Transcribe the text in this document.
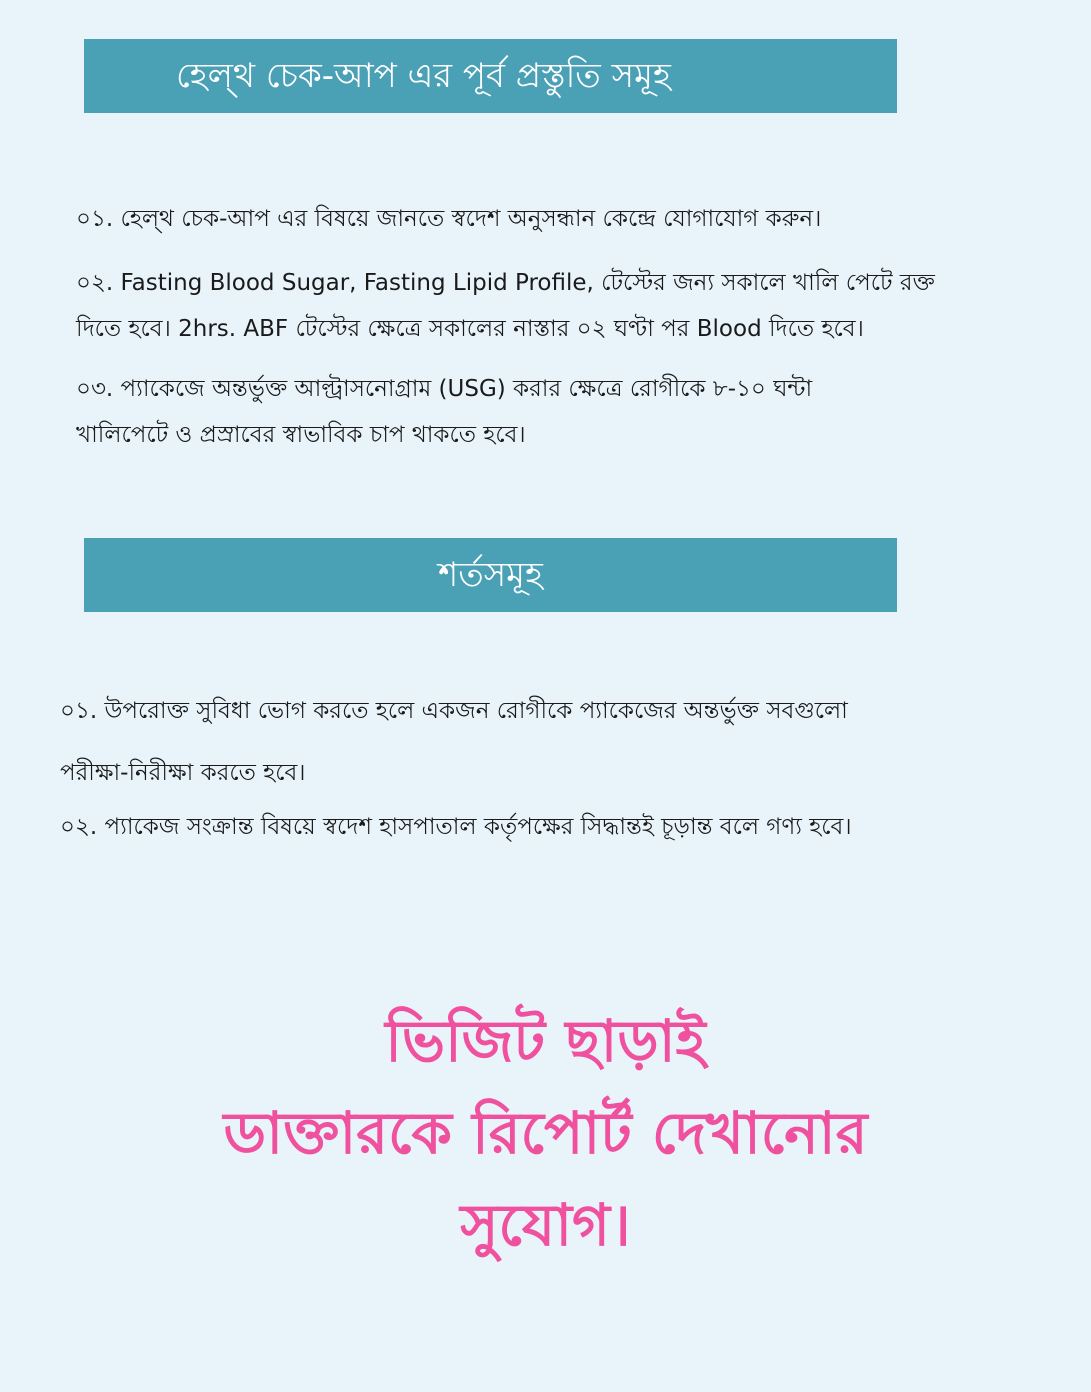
হেল্থ চেক-আপ এর পূর্ব প্রস্তুতি সমূহ

০১. হেল্থ চেক-আপ এর বিষয়ে জানতে স্বদেশ অনুসন্ধান কেন্দ্রে যোগাযোগ করুন।

০২. Fasting Blood Sugar, Fasting Lipid Profile, টেস্টের জন্য সকালে খালি পেটে রক্ত
দিতে হবে। 2hrs. ABF টেস্টের ক্ষেত্রে সকালের নাস্তার ০২ ঘণ্টা পর Blood দিতে হবে।

০৩. প্যাকেজে অন্তর্ভুক্ত আল্ট্রাসনোগ্রাম (USG) করার ক্ষেত্রে রোগীকে ৮-১০ ঘন্টা
খালিপেটে ও প্রস্রাবের স্বাভাবিক চাপ থাকতে হবে।

শর্তসমূহ

০১. উপরোক্ত সুবিধা ভোগ করতে হলে একজন রোগীকে প্যাকেজের অন্তর্ভুক্ত সবগুলো
পরীক্ষা-নিরীক্ষা করতে হবে।

০২. প্যাকেজ সংক্রান্ত বিষয়ে স্বদেশ হাসপাতাল কর্তৃপক্ষের সিদ্ধান্তই চূড়ান্ত বলে গণ্য হবে।

ভিজিট ছাড়াই
ডাক্তারকে রিপোর্ট দেখানোর
সুযোগ।
